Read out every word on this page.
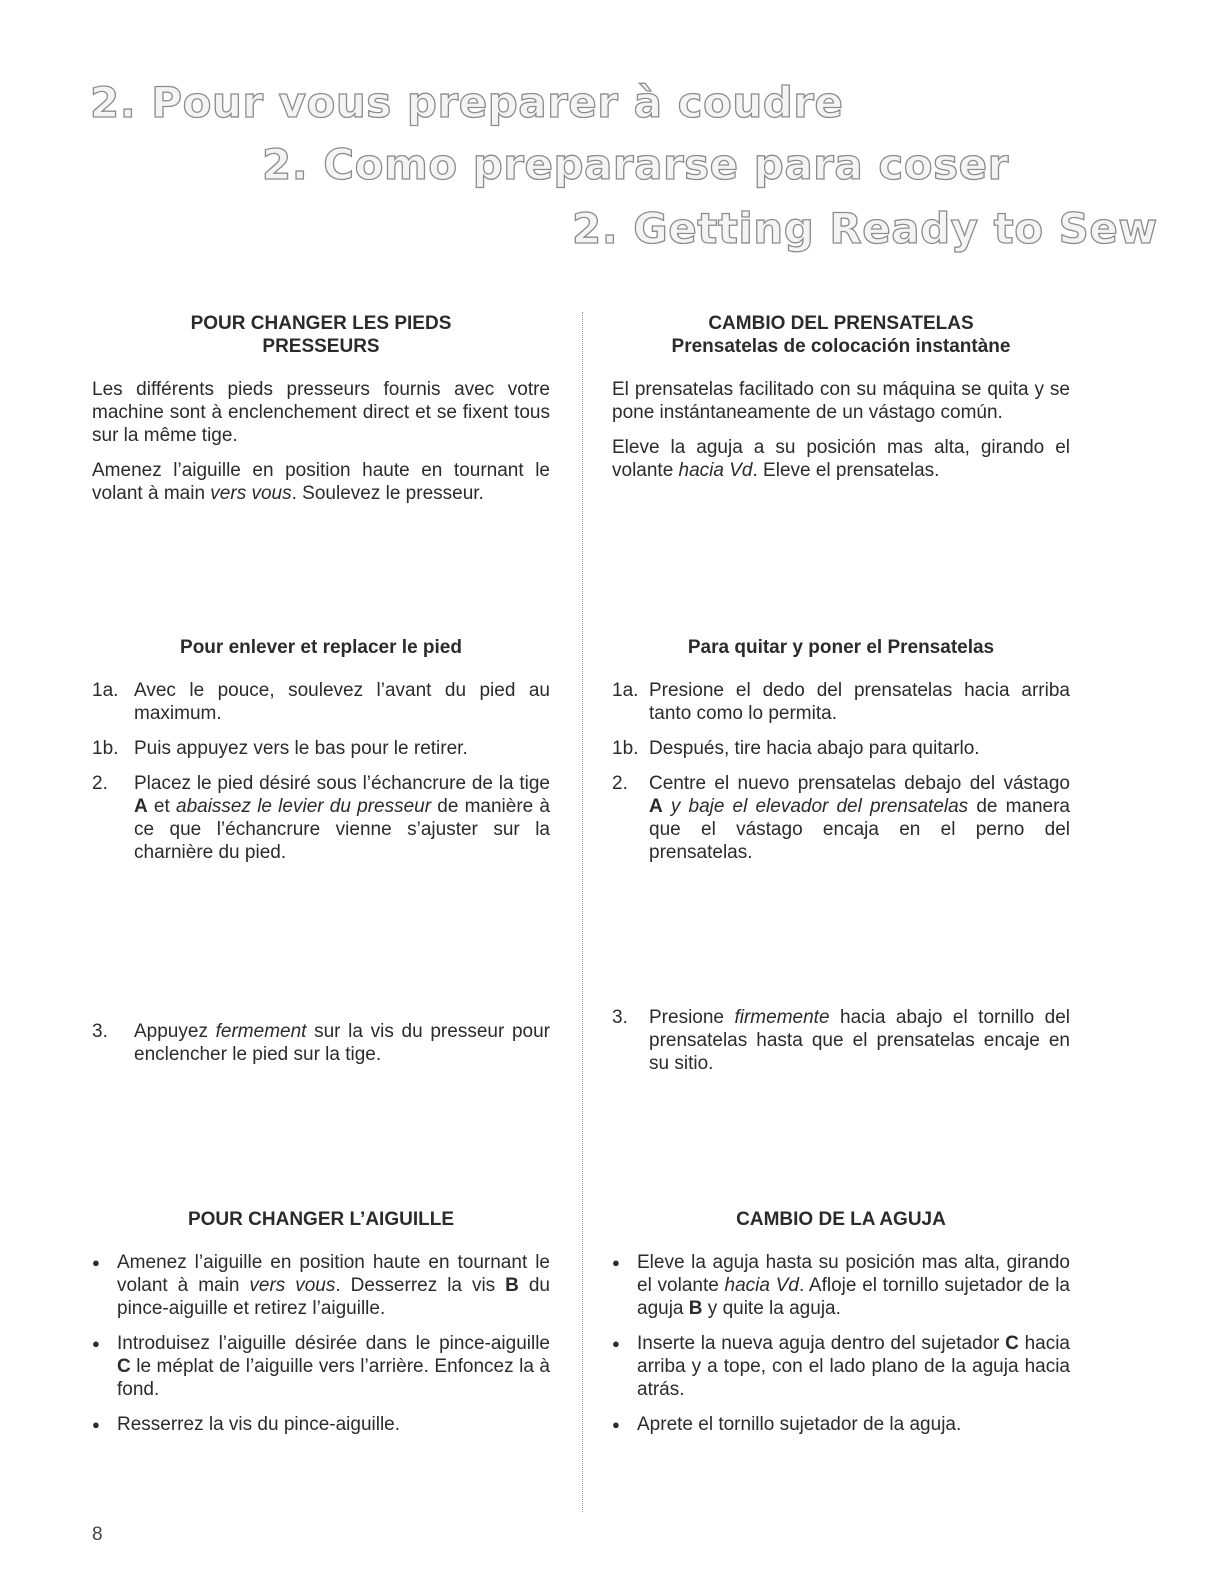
2. Pour vous preparer à coudre
2. Como prepararse para coser
2. Getting Ready to Sew
POUR CHANGER LES PIEDS
PRESSEURS

Les différents pieds presseurs fournis avec votre machine sont à enclenchement direct et se fixent tous sur la même tige.

Amenez l’aiguille en position haute en tournant le volant à main vers vous. Soulevez le presseur.

Pour enlever et replacer le pied
1a. Avec le pouce, soulevez l’avant du pied au maximum.
1b. Puis appuyez vers le bas pour le retirer.
2.	Placez le pied désiré sous l’échancrure de la tige A et abaissez le levier du presseur de manière à ce que l’échancrure vienne s’ajuster sur la charnière du pied.
3.	Appuyez fermement sur la vis du presseur pour enclencher le pied sur la tige.
POUR CHANGER L’AIGUILLE
● Amenez l’aiguille en position haute en tournant le volant à main vers vous. Desserrez la vis B du pince-aiguille et retirez l’aiguille.
● Introduisez l’aiguille désirée dans le pince-aiguille C le méplat de l’aiguille vers l’arrière. Enfoncez la à fond.
● Resserrez la vis du pince-aiguille.
CAMBIO DEL PRENSATELAS
Prensatelas de colocación instantàne

El prensatelas facilitado con su máquina se quita y se pone instántaneamente de un vástago común.

Eleve la aguja a su posición mas alta, girando el volante hacia Vd. Eleve el prensatelas.

Para quitar y poner el Prensatelas
1a. Presione el dedo del prensatelas hacia arriba tanto como lo permita.
1b. Después, tire hacia abajo para quitarlo.
2.	Centre el nuevo prensatelas debajo del vástago A y baje el elevador del prensatelas de manera que el vástago encaja en el perno del prensatelas.
3.	Presione firmemente hacia abajo el tornillo del prensatelas hasta que el prensatelas encaje en su sitio.
CAMBIO DE LA AGUJA
● Eleve la aguja hasta su posición mas alta, girando el volante hacia Vd. Afloje el tornillo sujetador de la aguja B y quite la aguja.
● Inserte la nueva aguja dentro del sujetador C hacia arriba y a tope, con el lado plano de la aguja hacia atrás.
● Aprete el tornillo sujetador de la aguja.
8
